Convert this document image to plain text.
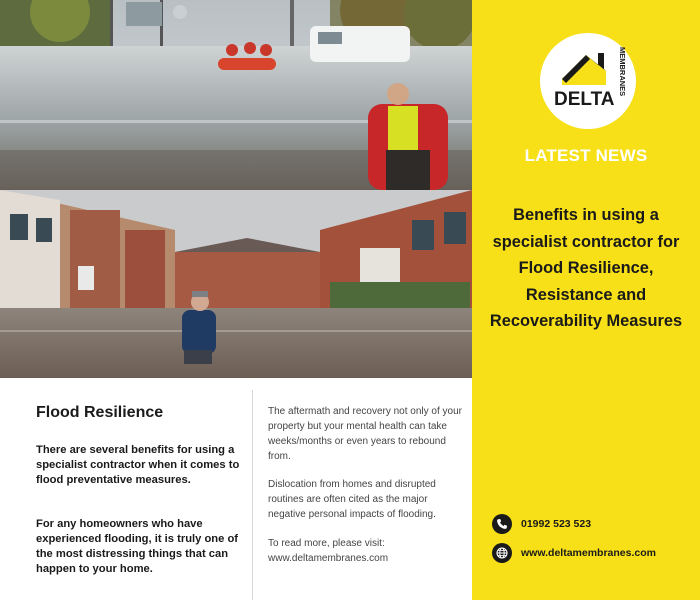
Flood Resilience
There are several benefits for using a specialist contractor when it comes to flood preventative measures.
For any homeowners who have experienced flooding, it is truly one of the most distressing things that can happen to your home.
The aftermath and recovery not only of your property but your mental health can take weeks/months or even years to rebound from.
Dislocation from homes and disrupted routines are often cited as the major negative personal impacts of flooding.
To read more, please visit:
www.deltamembranes.com
DELTA
MEMBRANES
LATEST NEWS
Benefits in using a specialist contractor for Flood Resilience, Resistance and Recoverability Measures
01992 523 523
www.deltamembranes.com
